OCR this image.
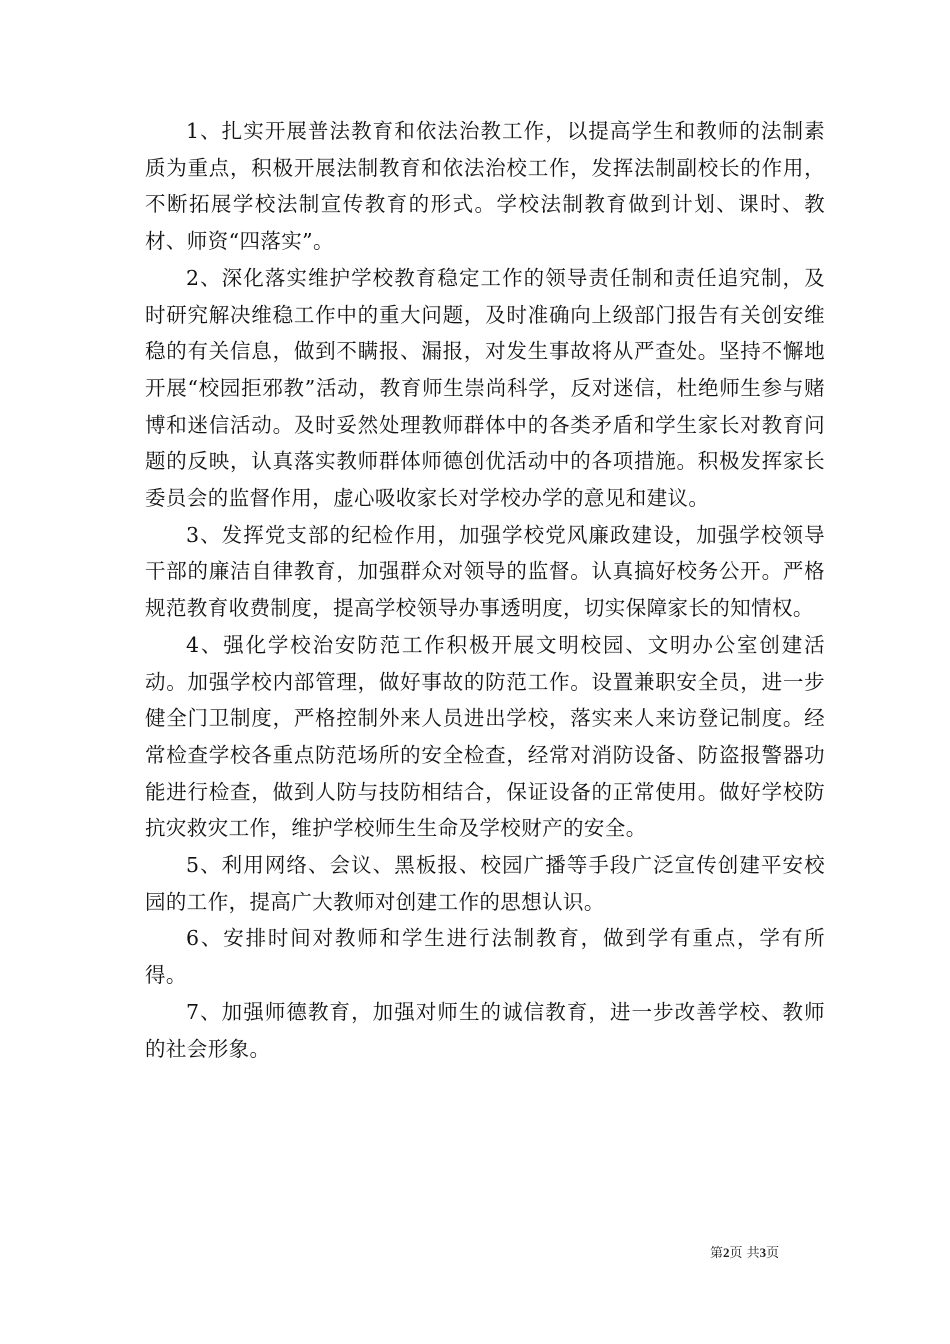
1、扎实开展普法教育和依法治教工作，以提高学生和教师的法制素质为重点，积极开展法制教育和依法治校工作，发挥法制副校长的作用，不断拓展学校法制宣传教育的形式。学校法制教育做到计划、课时、教材、师资“四落实”。

2、深化落实维护学校教育稳定工作的领导责任制和责任追究制，及时研究解决维稳工作中的重大问题，及时准确向上级部门报告有关创安维稳的有关信息，做到不瞒报、漏报，对发生事故将从严查处。坚持不懈地开展“校园拒邪教”活动，教育师生崇尚科学，反对迷信，杜绝师生参与赌博和迷信活动。及时妥然处理教师群体中的各类矛盾和学生家长对教育问题的反映，认真落实教师群体师德创优活动中的各项措施。积极发挥家长委员会的监督作用，虚心吸收家长对学校办学的意见和建议。

3、发挥党支部的纪检作用，加强学校党风廉政建设，加强学校领导干部的廉洁自律教育，加强群众对领导的监督。认真搞好校务公开。严格规范教育收费制度，提高学校领导办事透明度，切实保障家长的知情权。

4、强化学校治安防范工作积极开展文明校园、文明办公室创建活动。加强学校内部管理，做好事故的防范工作。设置兼职安全员，进一步健全门卫制度，严格控制外来人员进出学校，落实来人来访登记制度。经常检查学校各重点防范场所的安全检查，经常对消防设备、防盗报警器功能进行检查，做到人防与技防相结合，保证设备的正常使用。做好学校防抗灾救灾工作，维护学校师生生命及学校财产的安全。

5、利用网络、会议、黑板报、校园广播等手段广泛宣传创建平安校园的工作，提高广大教师对创建工作的思想认识。

6、安排时间对教师和学生进行法制教育，做到学有重点，学有所得。

7、加强师德教育，加强对师生的诚信教育，进一步改善学校、教师的社会形象。

第2页 共3页
